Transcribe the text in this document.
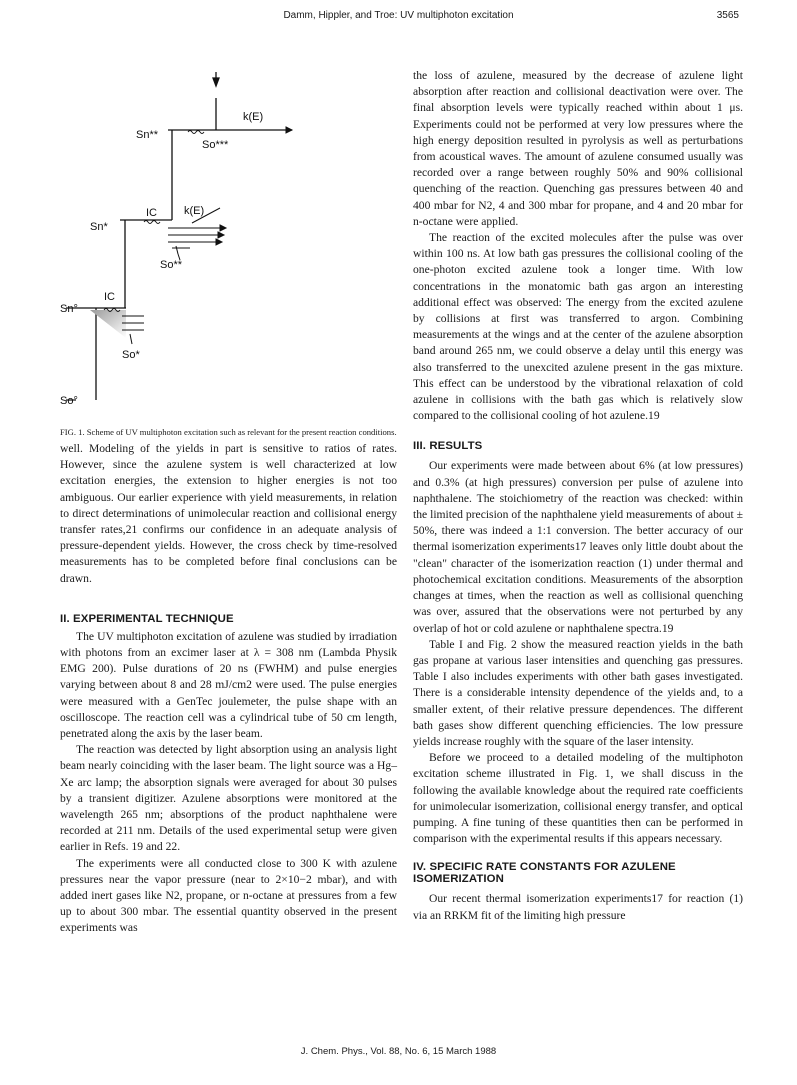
Damm, Hippler, and Troe: UV multiphoton excitation	3565
Sn**
So***
k(E)
Sn*
IC k(E)
So**
Sn°
IC
So*
So°
FIG. 1. Scheme of UV multiphoton excitation such as relevant for the present reaction conditions.

well. Modeling of the yields in part is sensitive to ratios of rates. However, since the azulene system is well characterized at low excitation energies, the extension to higher energies is not too ambiguous. Our earlier experience with yield measurements, in relation to direct determinations of unimolecular reaction and collisional energy transfer rates,21 confirms our confidence in an adequate analysis of pressure-dependent yields. However, the cross check by time-resolved measurements has to be completed before final conclusions can be drawn.

II. EXPERIMENTAL TECHNIQUE

The UV multiphoton excitation of azulene was studied by irradiation with photons from an excimer laser at λ = 308 nm (Lambda Physik EMG 200). Pulse durations of 20 ns (FWHM) and pulse energies varying between about 8 and 28 mJ/cm2 were used. The pulse energies were measured with a GenTec joulemeter, the pulse shape with an oscilloscope. The reaction cell was a cylindrical tube of 50 cm length, penetrated along the axis by the laser beam.

The reaction was detected by light absorption using an analysis light beam nearly coinciding with the laser beam. The light source was a Hg–Xe arc lamp; the absorption signals were averaged for about 30 pulses by a transient digitizer. Azulene absorptions were monitored at the wavelength 265 nm; absorptions of the product naphthalene were recorded at 211 nm. Details of the used experimental setup were given earlier in Refs. 19 and 22.

The experiments were all conducted close to 300 K with azulene pressures near the vapor pressure (near to 2×10−2 mbar), and with added inert gases like N2, propane, or n-octane at pressures from a few up to about 300 mbar. The essential quantity observed in the present experiments was

the loss of azulene, measured by the decrease of azulene light absorption after reaction and collisional deactivation were over. The final absorption levels were typically reached within about 1 μs. Experiments could not be performed at very low pressures where the high energy deposition resulted in pyrolysis as well as perturbations from acoustical waves. The amount of azulene consumed usually was recorded over a range between roughly 50% and 90% collisional quenching of the reaction. Quenching gas pressures between 40 and 400 mbar for N2, 4 and 300 mbar for propane, and 4 and 20 mbar for n-octane were applied.

The reaction of the excited molecules after the pulse was over within 100 ns. At low bath gas pressures the collisional cooling of the one-photon excited azulene took a longer time. With low concentrations in the monatomic bath gas argon an interesting additional effect was observed: The energy from the excited azulene by collisions at first was transferred to argon. Combining measurements at the wings and at the center of the azulene absorption band around 265 nm, we could observe a delay until this energy was also transferred to the unexcited azulene present in the gas mixture. This effect can be understood by the vibrational relaxation of cold azulene in collisions with the bath gas which is relatively slow compared to the collisional cooling of hot azulene.19

III. RESULTS

Our experiments were made between about 6% (at low pressures) and 0.3% (at high pressures) conversion per pulse of azulene into naphthalene. The stoichiometry of the reaction was checked: within the limited precision of the naphthalene yield measurements of about ± 50%, there was indeed a 1:1 conversion. The better accuracy of our thermal isomerization experiments17 leaves only little doubt about the "clean" character of the isomerization reaction (1) under thermal and photochemical excitation conditions. Measurements of the absorption changes at times, when the reaction as well as collisional quenching was over, assured that the observations were not perturbed by any overlap of hot or cold azulene or naphthalene spectra.19

Table I and Fig. 2 show the measured reaction yields in the bath gas propane at various laser intensities and quenching gas pressures. Table I also includes experiments with other bath gases investigated. There is a considerable intensity dependence of the yields and, to a smaller extent, of their relative pressure dependences. The different bath gases show different quenching efficiencies. The low pressure yields increase roughly with the square of the laser intensity.

Before we proceed to a detailed modeling of the multiphoton excitation scheme illustrated in Fig. 1, we shall discuss in the following the available knowledge about the required rate coefficients for unimolecular isomerization, collisional energy transfer, and optical pumping. A fine tuning of these quantities then can be performed in comparison with the experimental results if this appears necessary.

IV. SPECIFIC RATE CONSTANTS FOR AZULENE ISOMERIZATION

Our recent thermal isomerization experiments17 for reaction (1) via an RRKM fit of the limiting high pressure

J. Chem. Phys., Vol. 88, No. 6, 15 March 1988
